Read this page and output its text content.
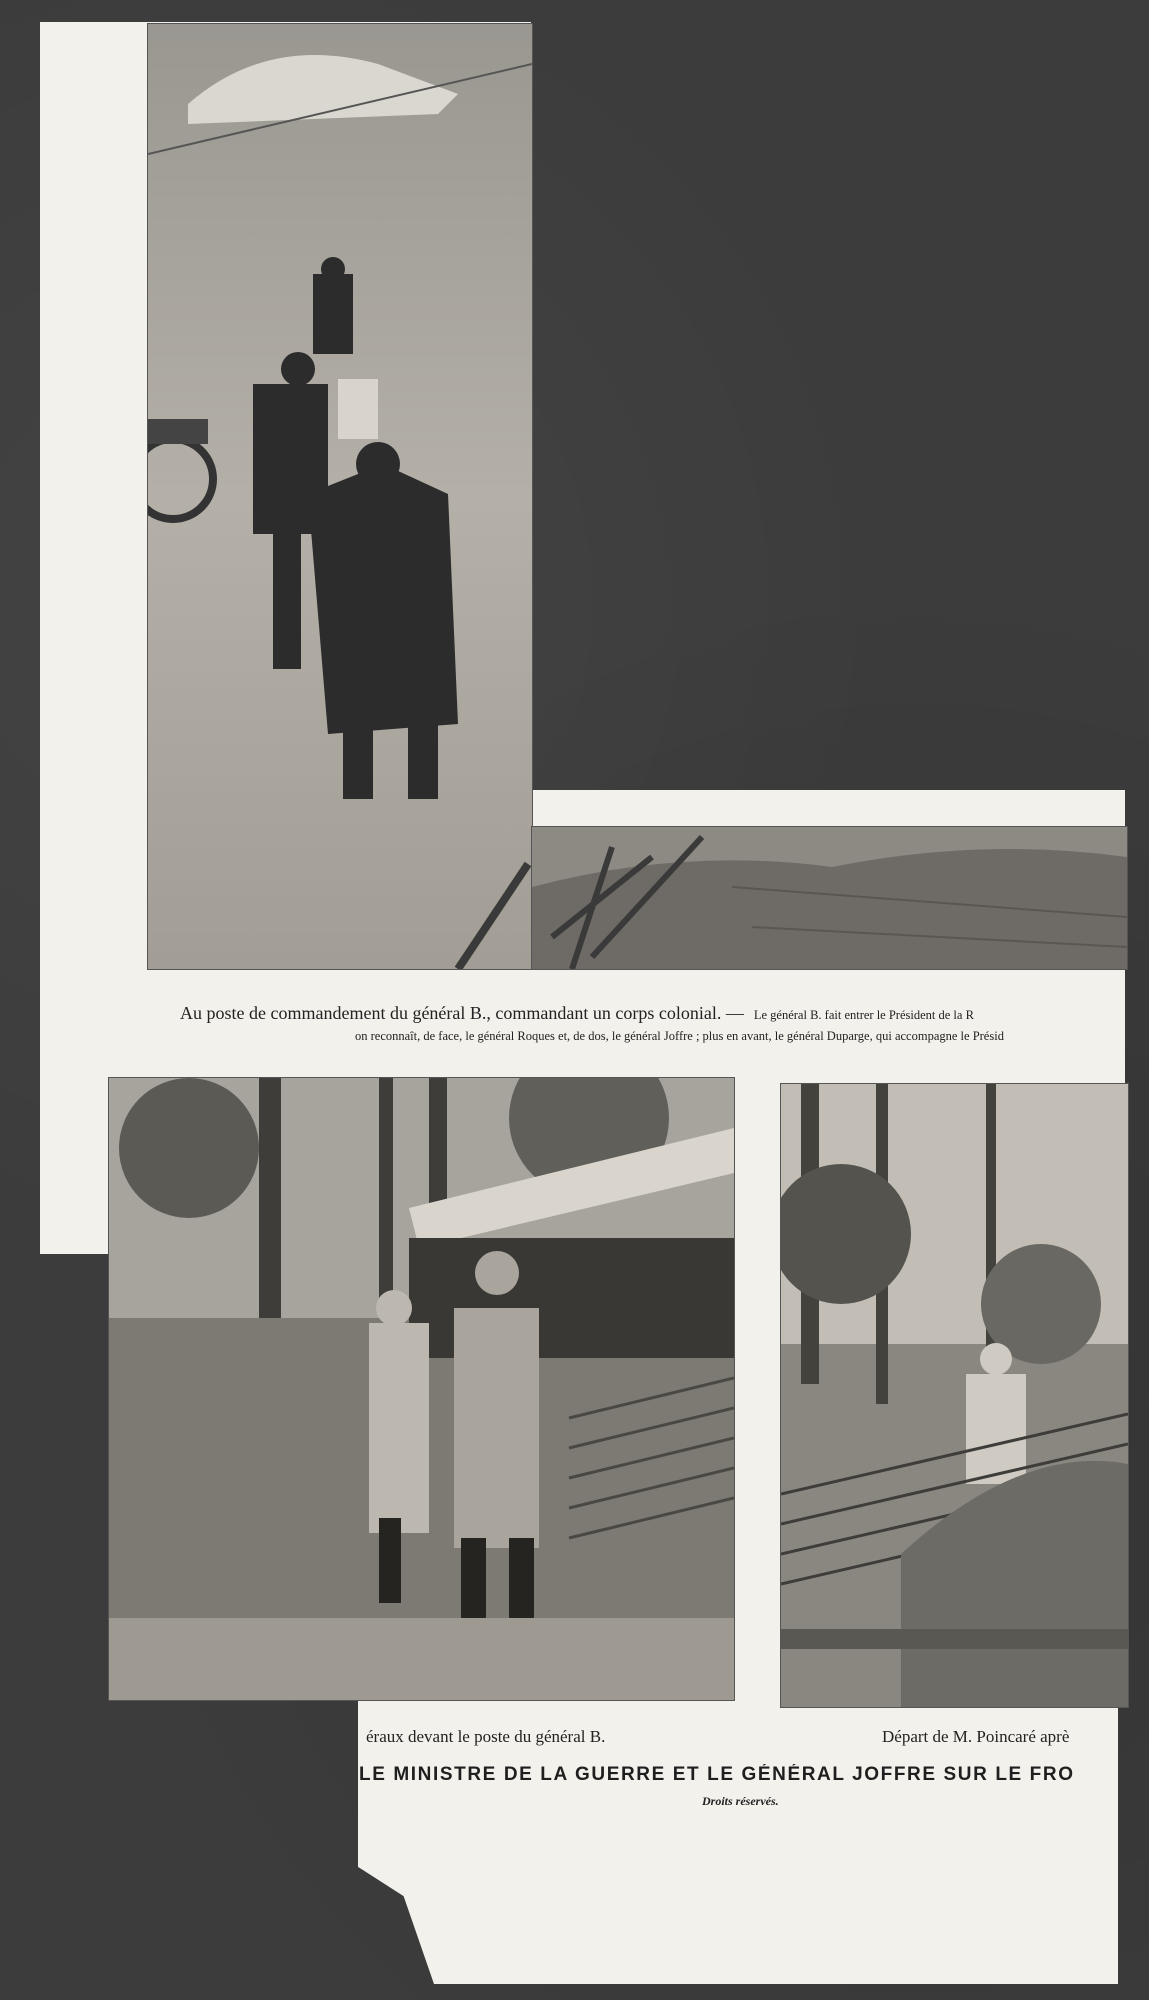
Au poste de commandement du général B., commandant un corps colonial. — Le général B. fait entrer le Président de la R
on reconnaît, de face, le général Roques et, de dos, le général Joffre ; plus en avant, le général Duparge, qui accompagne le Présid
éraux devant le poste du général B.	Départ de M. Poincaré aprè
LE MINISTRE DE LA GUERRE ET LE GÉNÉRAL JOFFRE SUR LE FRO
Droits réservés.
